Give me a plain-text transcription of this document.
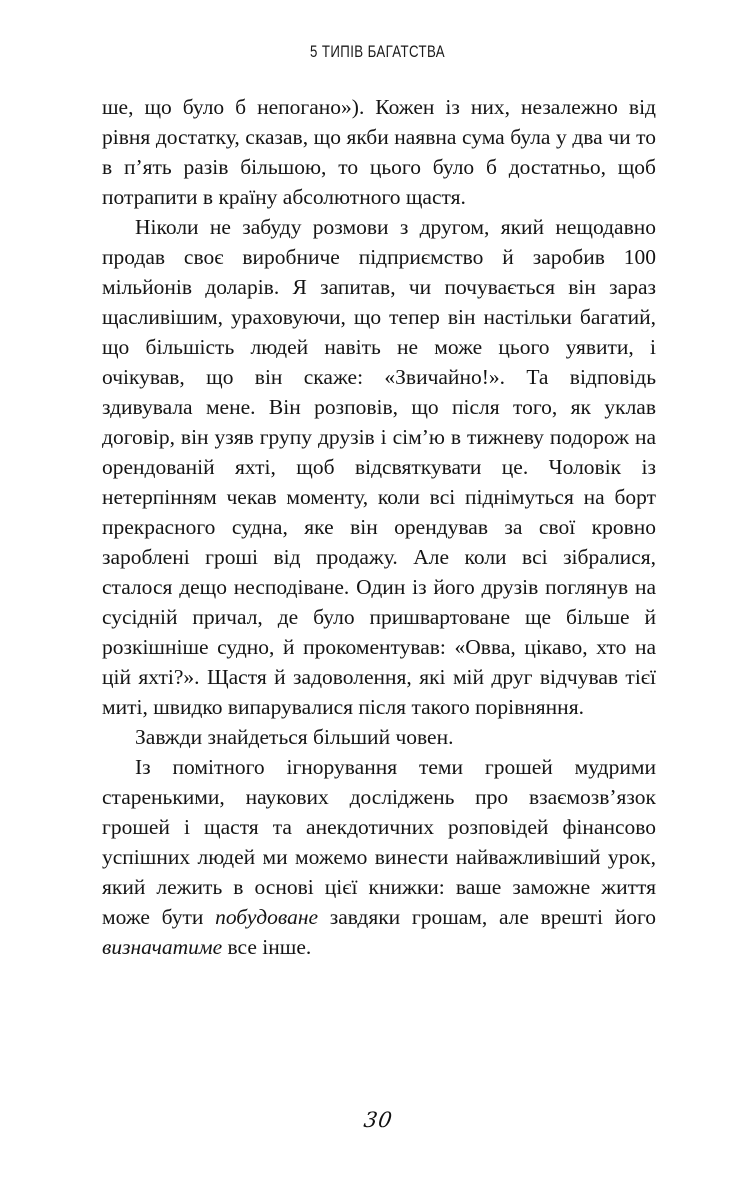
5 ТИПІВ БАГАТСТВА

ше, що було б непогано»). Кожен із них, незалежно від рівня достатку, сказав, що якби наявна сума була у два чи то в п’ять разів більшою, то цього було б достатньо, щоб потрапити в країну абсолютного щастя.

Ніколи не забуду розмови з другом, який нещодавно продав своє виробниче підприємство й заробив 100 мільйонів доларів. Я запитав, чи почувається він зараз щасливішим, ураховуючи, що тепер він настільки багатий, що більшість людей навіть не може цього уявити, і очікував, що він скаже: «Звичайно!». Та відповідь здивувала мене. Він розповів, що після того, як уклав договір, він узяв групу друзів і сім’ю в тижневу подорож на орендованій яхті, щоб відсвяткувати це. Чоловік із нетерпінням чекав моменту, коли всі піднімуться на борт прекрасного судна, яке він орендував за свої кровно зароблені гроші від продажу. Але коли всі зібралися, сталося дещо несподіване. Один із його друзів поглянув на сусідній причал, де було пришвартоване ще більше й розкішніше судно, й прокоментував: «Овва, цікаво, хто на цій яхті?». Щастя й задоволення, які мій друг відчував тієї миті, швидко випарувалися після такого порівняння.

Завжди знайдеться більший човен.

Із помітного ігнорування теми грошей мудрими старенькими, наукових досліджень про взаємозв’язок грошей і щастя та анекдотичних розповідей фінансово успішних людей ми можемо винести найважливіший урок, який лежить в основі цієї книжки: ваше заможне життя може бути побудоване завдяки грошам, але врешті його визначатиме все інше.

30
